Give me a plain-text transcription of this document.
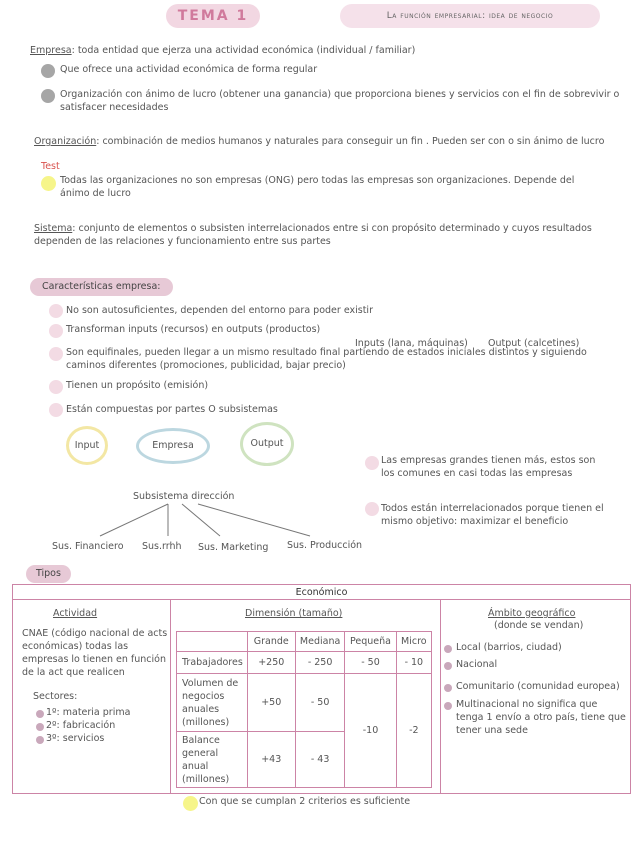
TEMA 1	La función empresarial: idea de negocio
Empresa: toda entidad que ejerza una actividad económica (individual / familiar)
Que ofrece una actividad económica de forma regular
Organización con ánimo de lucro (obtener una ganancia) que proporciona bienes y servicios con el fin de sobrevivir o satisfacer necesidades
Organización: combinación de medios humanos y naturales para conseguir un fin . Pueden ser con o sin ánimo de lucro
Test
Todas las organizaciones no son empresas (ONG) pero todas las empresas son organizaciones. Depende del ánimo de lucro
Sistema: conjunto de elementos o subsisten interrelacionados entre si con propósito determinado y cuyos resultados dependen de las relaciones y funcionamiento entre sus partes
Características empresa:
No son autosuficientes, dependen del entorno para poder existir
Transforman inputs (recursos) en outputs (productos)
Inputs (lana, máquinas) Output (calcetines)
Son equifinales, pueden llegar a un mismo resultado final partiendo de estados iniciales distintos y siguiendo caminos diferentes (promociones, publicidad, bajar precio)
Tienen un propósito (emisión)
Están compuestas por partes O subsistemas
Input	Empresa	Output
Subsistema dirección
Sus. Financiero Sus.rrhh Sus. Marketing Sus. Producción
Las empresas grandes tienen más, estos son los comunes en casi todas las empresas
Todos están interrelacionados porque tienen el mismo objetivo: maximizar el beneficio
Tipos
Económico
Actividad
CNAE (código nacional de acts económicas) todas las empresas lo tienen en función de la act que realicen
Sectores:
1º: materia prima
2º: fabricación
3º: servicios
Dimensión (tamaño)
	Grande	Mediana	Pequeña	Micro
Trabajadores	+250	- 250	- 50	- 10
Volumen de negocios anuales (millones)	+50	- 50	-10	-2
Balance general anual (millones)	+43	- 43		
Ámbito geográfico
(donde se vendan)
Local (barrios, ciudad)
Nacional
Comunitario (comunidad europea)
Multinacional no significa que tenga 1 envío a otro país, tiene que tener una sede
Con que se cumplan 2 criterios es suficiente
